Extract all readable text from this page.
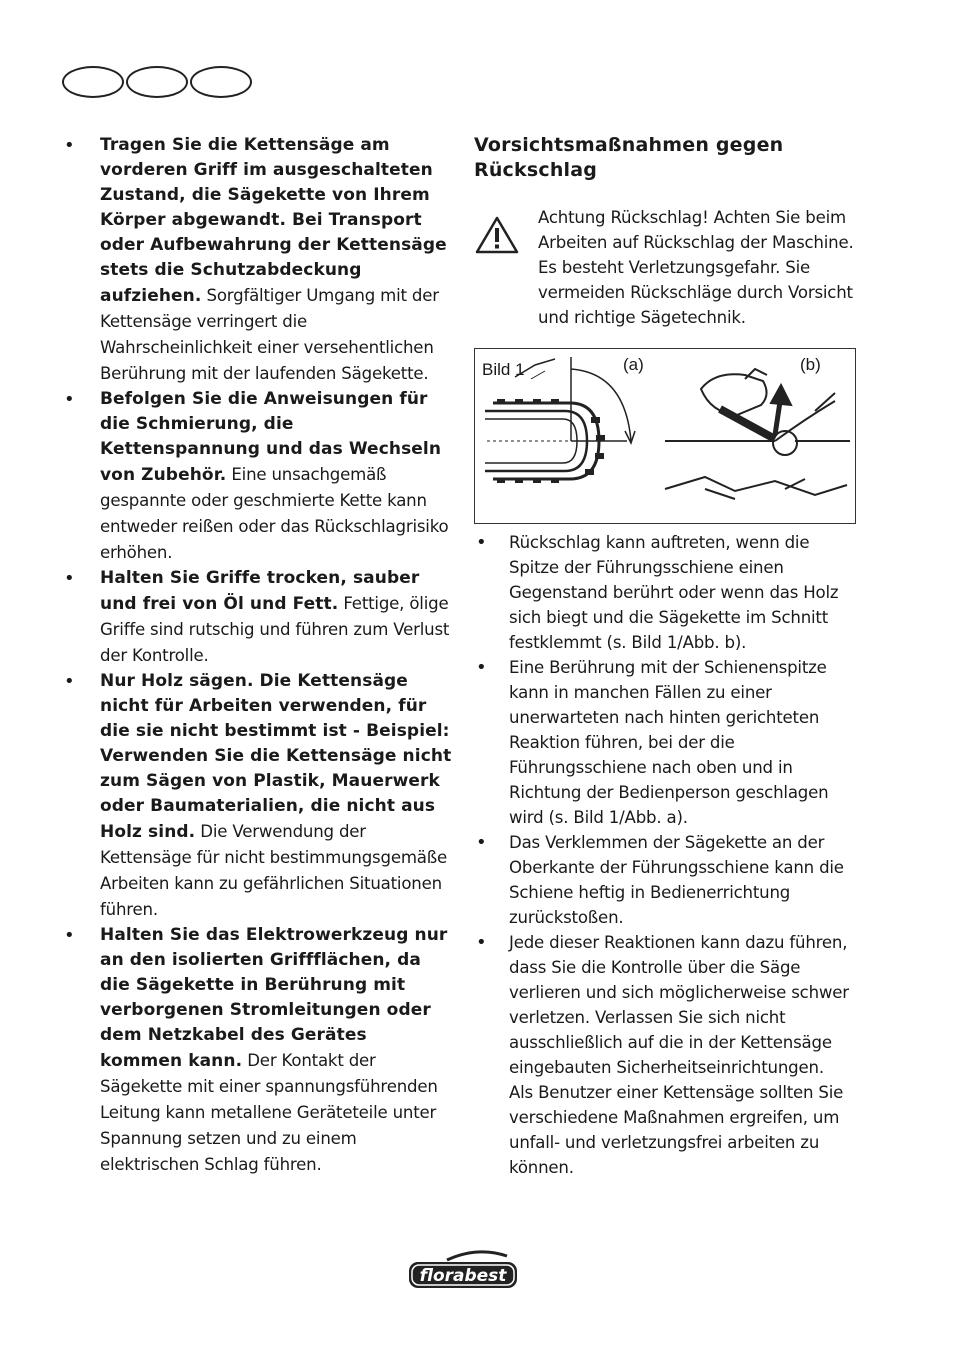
• Tragen Sie die Kettensäge am vorderen Griff im ausgeschalteten Zustand, die Sägekette von Ihrem Körper abgewandt. Bei Transport oder Aufbewahrung der Kettensäge stets die Schutzabdeckung aufziehen. Sorgfältiger Umgang mit der Kettensäge verringert die Wahrscheinlichkeit einer versehentlichen Berührung mit der laufenden Sägekette.
• Befolgen Sie die Anweisungen für die Schmierung, die Kettenspannung und das Wechseln von Zubehör. Eine unsachgemäß gespannte oder geschmierte Kette kann entweder reißen oder das Rückschlagrisiko erhöhen.
• Halten Sie Griffe trocken, sauber und frei von Öl und Fett. Fettige, ölige Griffe sind rutschig und führen zum Verlust der Kontrolle.
• Nur Holz sägen. Die Kettensäge nicht für Arbeiten verwenden, für die sie nicht bestimmt ist - Beispiel: Verwenden Sie die Kettensäge nicht zum Sägen von Plastik, Mauerwerk oder Baumaterialien, die nicht aus Holz sind. Die Verwendung der Kettensäge für nicht bestimmungsgemäße Arbeiten kann zu gefährlichen Situationen führen.
• Halten Sie das Elektrowerkzeug nur an den isolierten Griffflächen, da die Sägekette in Berührung mit verborgenen Stromleitungen oder dem Netzkabel des Gerätes kommen kann. Der Kontakt der Sägekette mit einer spannungsführenden Leitung kann metallene Geräteteile unter Spannung setzen und zu einem elektrischen Schlag führen.
Vorsichtsmaßnahmen gegen Rückschlag
Achtung Rückschlag! Achten Sie beim Arbeiten auf Rückschlag der Maschine. Es besteht Verletzungsgefahr. Sie vermeiden Rückschläge durch Vorsicht und richtige Sägetechnik.
Bild 1	(a)	(b)
• Rückschlag kann auftreten, wenn die Spitze der Führungsschiene einen Gegenstand berührt oder wenn das Holz sich biegt und die Sägekette im Schnitt festklemmt (s. Bild 1/Abb. b).
• Eine Berührung mit der Schienenspitze kann in manchen Fällen zu einer unerwarteten nach hinten gerichteten Reaktion führen, bei der die Führungsschiene nach oben und in Richtung der Bedienperson geschlagen wird (s. Bild 1/Abb. a).
• Das Verklemmen der Sägekette an der Oberkante der Führungsschiene kann die Schiene heftig in Bedienerrichtung zurückstoßen.
• Jede dieser Reaktionen kann dazu führen, dass Sie die Kontrolle über die Säge verlieren und sich möglicherweise schwer verletzen. Verlassen Sie sich nicht ausschließlich auf die in der Kettensäge eingebauten Sicherheitseinrichtungen.
Als Benutzer einer Kettensäge sollten Sie verschiedene Maßnahmen ergreifen, um unfall- und verletzungsfrei arbeiten zu können.
florabest
